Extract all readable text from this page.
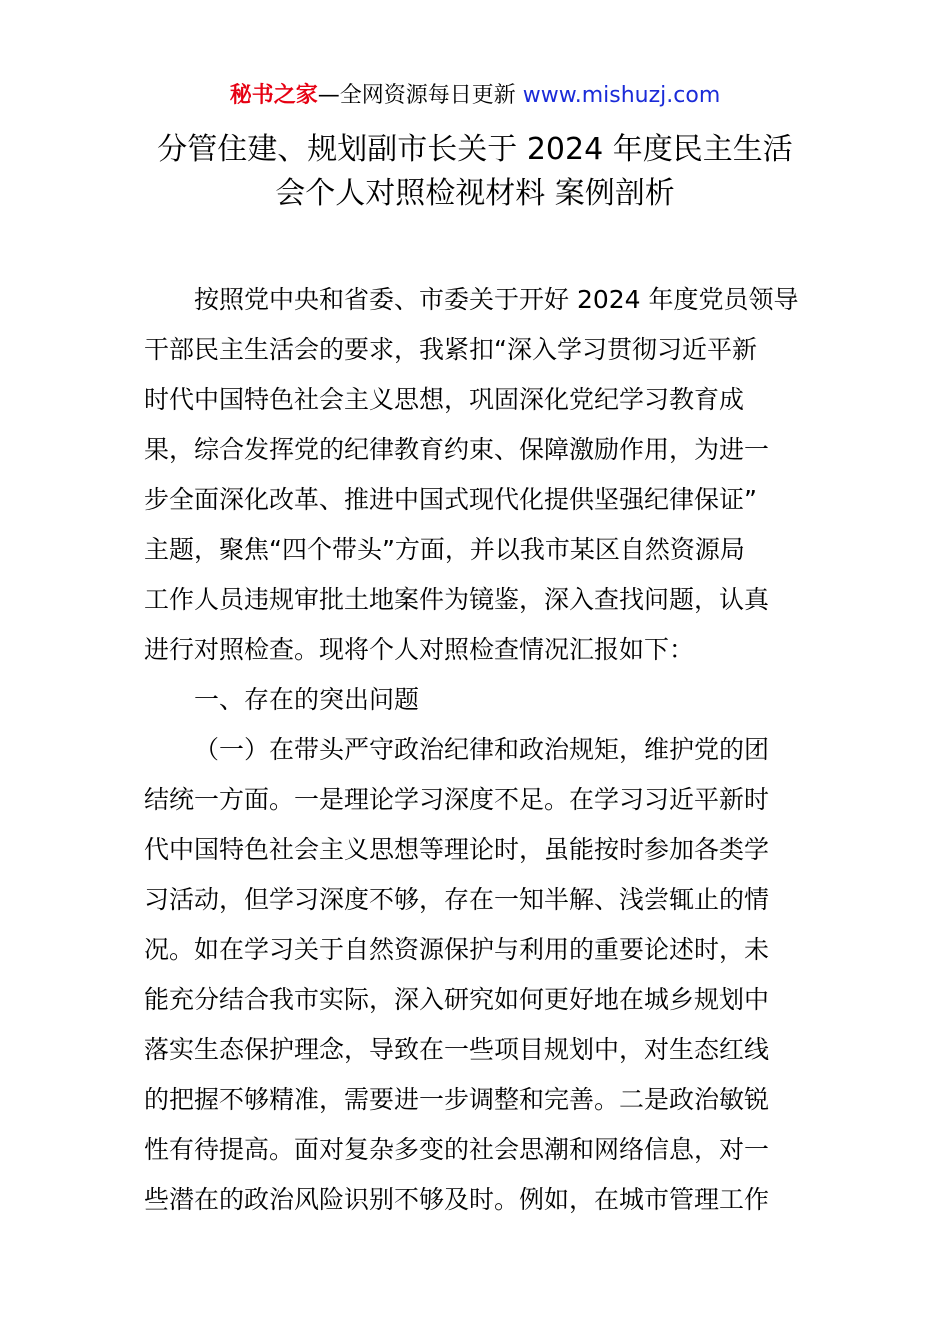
秘书之家—全网资源每日更新 www.mishuzj.com
分管住建、规划副市长关于 2024 年度民主生活
会个人对照检视材料 案例剖析
按照党中央和省委、市委关于开好 2024 年度党员领导
干部民主生活会的要求，我紧扣“深入学习贯彻习近平新
时代中国特色社会主义思想，巩固深化党纪学习教育成
果，综合发挥党的纪律教育约束、保障激励作用，为进一
步全面深化改革、推进中国式现代化提供坚强纪律保证”
主题，聚焦“四个带头”方面，并以我市某区自然资源局
工作人员违规审批土地案件为镜鉴，深入查找问题，认真
进行对照检查。现将个人对照检查情况汇报如下：
一、存在的突出问题
（一）在带头严守政治纪律和政治规矩，维护党的团
结统一方面。一是理论学习深度不足。在学习习近平新时
代中国特色社会主义思想等理论时，虽能按时参加各类学
习活动，但学习深度不够，存在一知半解、浅尝辄止的情
况。如在学习关于自然资源保护与利用的重要论述时，未
能充分结合我市实际，深入研究如何更好地在城乡规划中
落实生态保护理念，导致在一些项目规划中，对生态红线
的把握不够精准，需要进一步调整和完善。二是政治敏锐
性有待提高。面对复杂多变的社会思潮和网络信息，对一
些潜在的政治风险识别不够及时。例如，在城市管理工作
